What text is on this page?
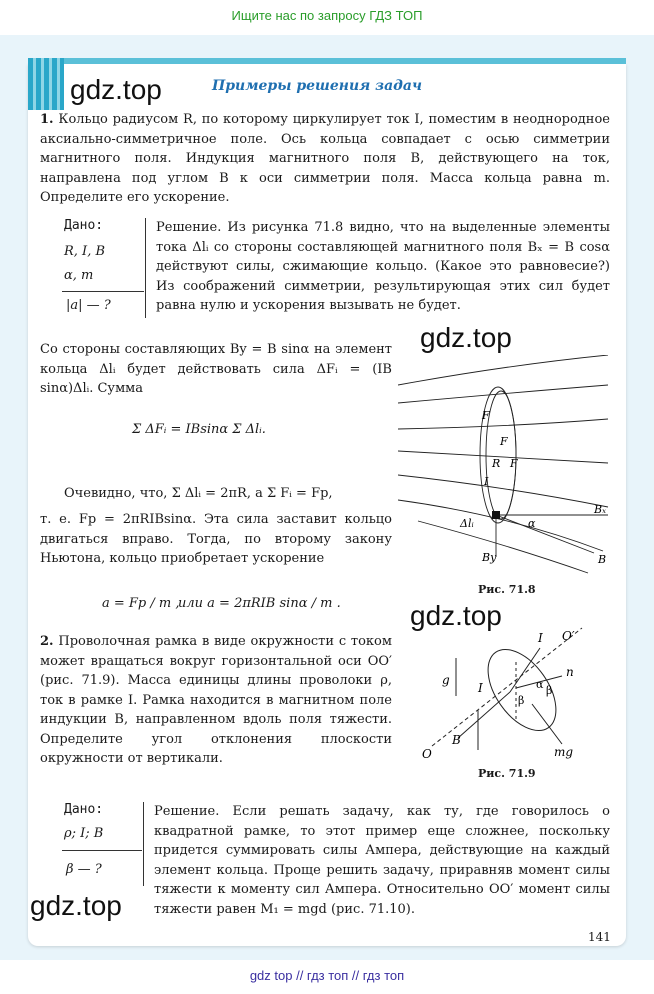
Ищите нас по запросу ГДЗ ТОП
gdz.top	Примеры решения задач
1. Кольцо радиусом R, по которому циркулирует ток I, поместим в неоднородное аксиально-симметричное поле. Ось кольца совпадает с осью симметрии магнитного поля. Индукция магнитного поля B, действующего на ток, направлена под углом B к оси симметрии поля. Масса кольца равна m. Определите его ускорение.
Дано:
R, I, B
α, m
|a| — ?
Решение. Из рисунка 71.8 видно, что на выделенные элементы тока Δlᵢ со стороны составляющей магнитного поля Bₓ = B cosα действуют силы, сжимающие кольцо. (Какое это равновесие?) Из соображений симметрии, результирующая этих сил будет равна нулю и ускорения вызывать не будет.
gdz.top
Со стороны составляющих By = B sinα на элемент кольца Δlᵢ будет действовать сила ΔFᵢ = (IB sinα)Δlᵢ. Сумма
Σ ΔFᵢ = IBsinα Σ Δlᵢ.
Очевидно, что, Σ Δlᵢ = 2πR, a Σ Fᵢ = Fp,
т. е. Fp = 2πRIBsinα. Эта сила заставит кольцо двигаться вправо. Тогда, по второму закону Ньютона, кольцо приобретает ускорение
a = Fp / m ,
или a = 2πRIB sinα / m .
F
F
R F
I
Δlᵢ	α
Bₓ
B
By
Рис. 71.8
gdz.top
2. Проволочная рамка в виде окружности с током может вращаться вокруг горизонтальной оси OO′ (рис. 71.9). Масса единицы длины проволоки ρ, ток в рамке I. Рамка находится в магнитном поле индукции B, направленном вдоль поля тяжести. Определите угол отклонения плоскости окружности от вертикали.
O′
I
I
g
B
n
α β
β
mg
O
Рис. 71.9
Дано:
ρ; I; B
β — ?
Решение. Если решать задачу, как ту, где говорилось о квадратной рамке, то этот пример еще сложнее, поскольку придется суммировать силы Ампера, действующие на каждый элемент кольца. Проще решить задачу, приравняв момент силы тяжести к моменту сил Ампера. Относительно OO′ момент силы тяжести равен M₁ = mgd (рис. 71.10).
gdz.top
141
gdz top // гдз топ // гдз топ
